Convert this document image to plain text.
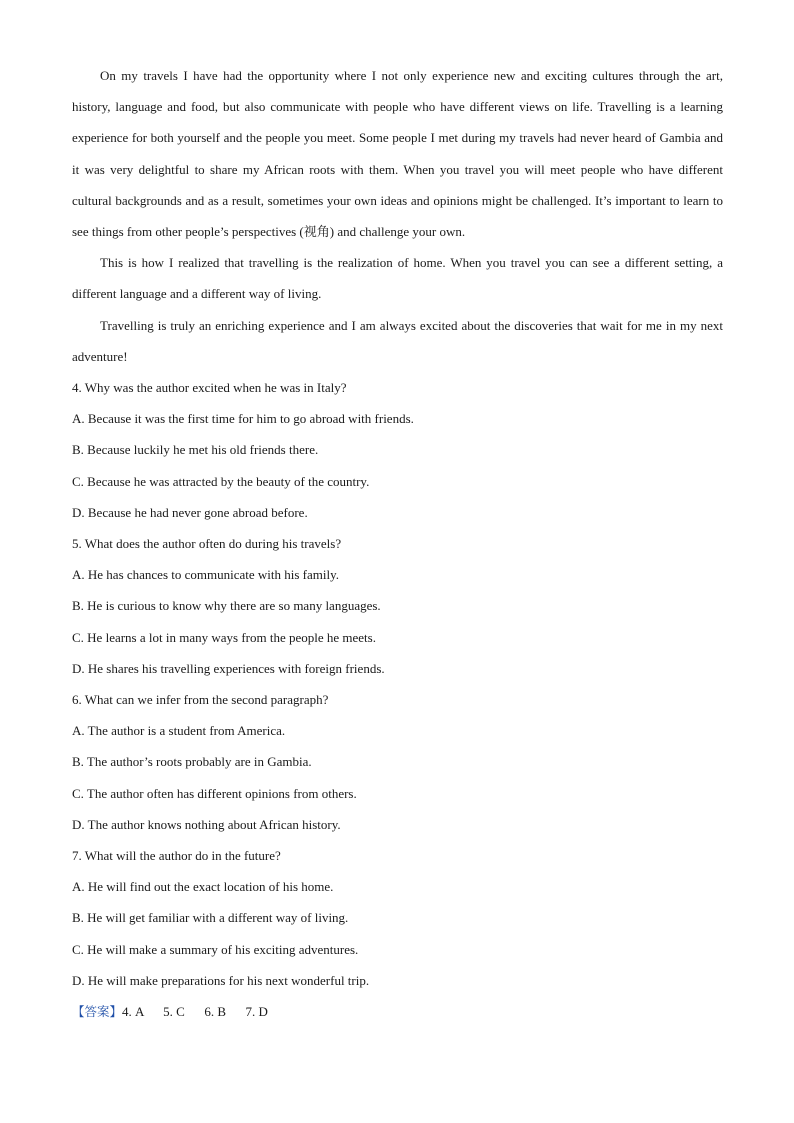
On my travels I have had the opportunity where I not only experience new and exciting cultures through the art, history, language and food, but also communicate with people who have different views on life. Travelling is a learning experience for both yourself and the people you meet. Some people I met during my travels had never heard of Gambia and it was very delightful to share my African roots with them. When you travel you will meet people who have different cultural backgrounds and as a result, sometimes your own ideas and opinions might be challenged. It’s important to learn to see things from other people’s perspectives (视角) and challenge your own.
This is how I realized that travelling is the realization of home. When you travel you can see a different setting, a different language and a different way of living.
Travelling is truly an enriching experience and I am always excited about the discoveries that wait for me in my next adventure!
4. Why was the author excited when he was in Italy?
A. Because it was the first time for him to go abroad with friends.
B. Because luckily he met his old friends there.
C. Because he was attracted by the beauty of the country.
D. Because he had never gone abroad before.
5. What does the author often do during his travels?
A. He has chances to communicate with his family.
B. He is curious to know why there are so many languages.
C. He learns a lot in many ways from the people he meets.
D. He shares his travelling experiences with foreign friends.
6. What can we infer from the second paragraph?
A. The author is a student from America.
B. The author’s roots probably are in Gambia.
C. The author often has different opinions from others.
D. The author knows nothing about African history.
7. What will the author do in the future?
A. He will find out the exact location of his home.
B. He will get familiar with a different way of living.
C. He will make a summary of his exciting adventures.
D. He will make preparations for his next wonderful trip.
【答案】4. A      5. C      6. B      7. D
